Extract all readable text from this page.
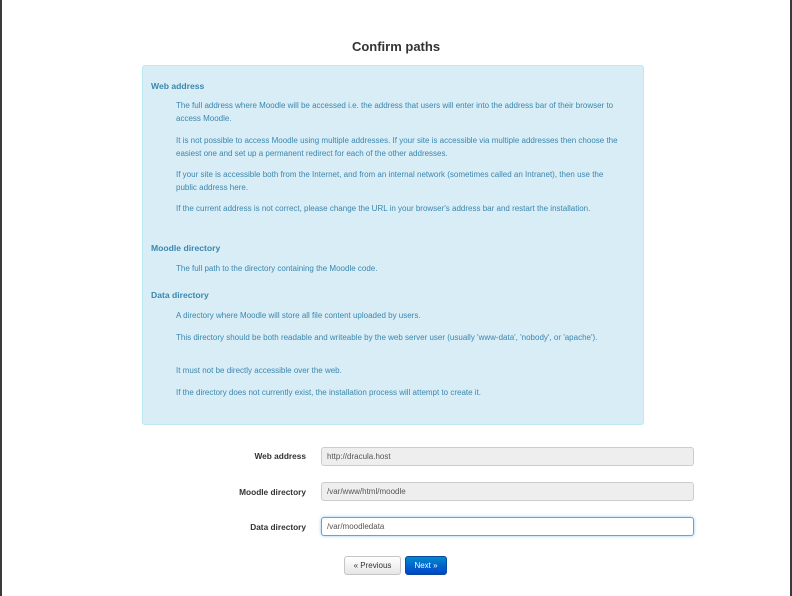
Confirm paths
Web address
The full address where Moodle will be accessed i.e. the address that users will enter into the address bar of their browser to access Moodle.
It is not possible to access Moodle using multiple addresses. If your site is accessible via multiple addresses then choose the easiest one and set up a permanent redirect for each of the other addresses.
If your site is accessible both from the Internet, and from an internal network (sometimes called an Intranet), then use the public address here.
If the current address is not correct, please change the URL in your browser's address bar and restart the installation.
Moodle directory
The full path to the directory containing the Moodle code.
Data directory
A directory where Moodle will store all file content uploaded by users.
This directory should be both readable and writeable by the web server user (usually 'www-data', 'nobody', or 'apache').
It must not be directly accessible over the web.
If the directory does not currently exist, the installation process will attempt to create it.
Web address
http://dracula.host
Moodle directory
/var/www/html/moodle
Data directory
/var/moodledata
« Previous	Next »
